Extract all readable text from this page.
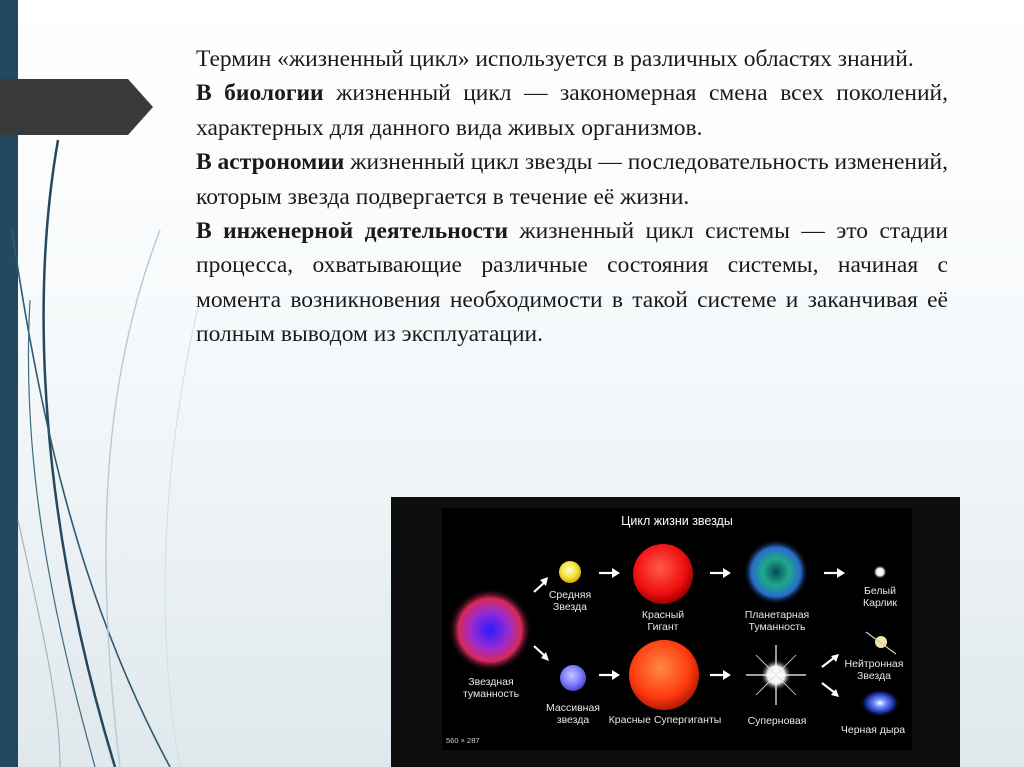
Термин «жизненный цикл» используется в различных областях знаний.

В биологии жизненный цикл — закономерная смена всех поколений, характерных для данного вида живых организмов.

В астрономии жизненный цикл звезды — последовательность изменений, которым звезда подвергается в течение её жизни.

В инженерной деятельности жизненный цикл системы — это стадии процесса, охватывающие различные состояния системы, начиная с момента возникновения необходимости в такой системе и заканчивая её полным выводом из эксплуатации.

Цикл жизни звезды
Звездная туманность
Средняя Звезда
Массивная звезда
Красный Гигант
Красные Супергиганты
Планетарная Туманность
Суперновая
Белый Карлик
Нейтронная Звезда
Черная дыра
560 × 287
